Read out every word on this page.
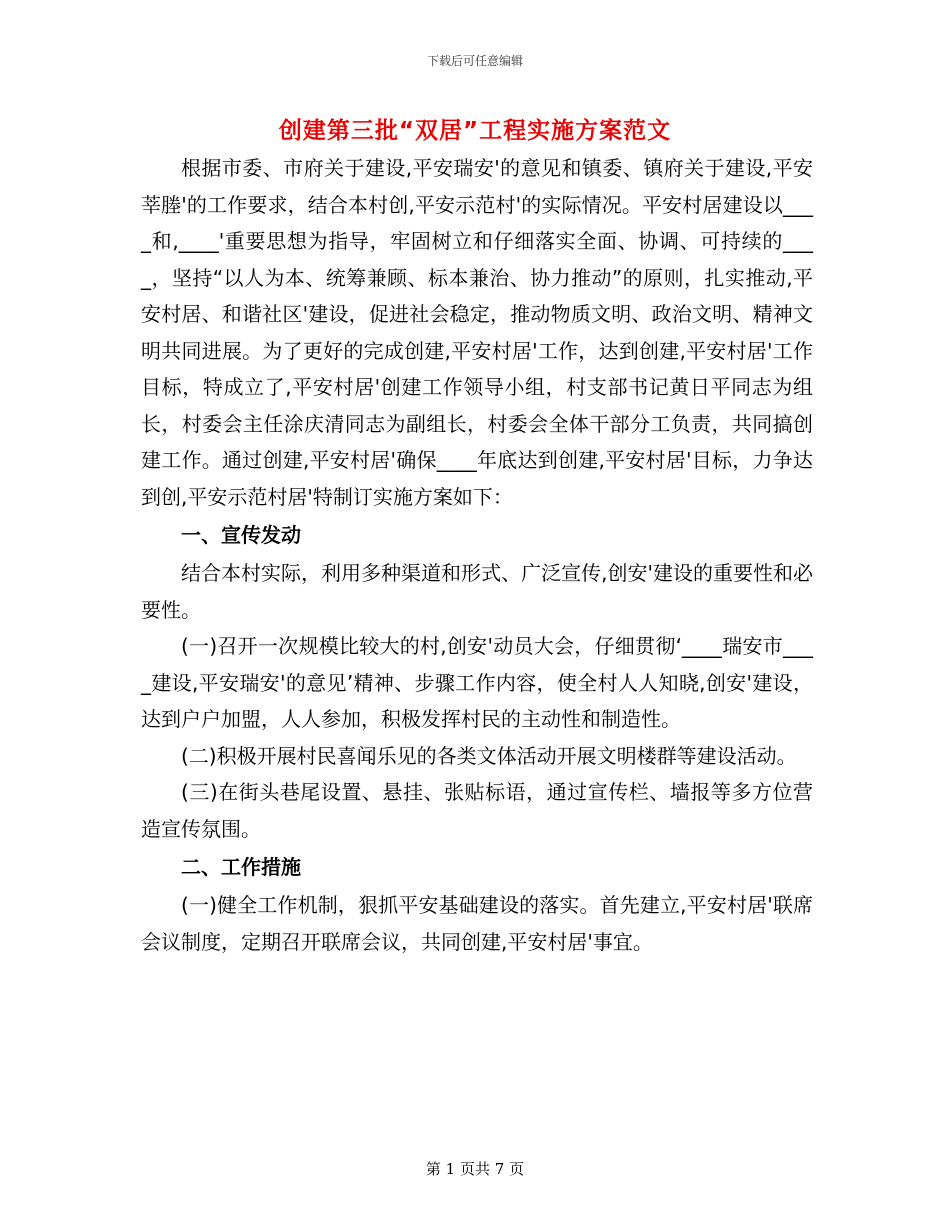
下载后可任意编辑
创建第三批“双居”工程实施方案范文

根据市委、市府关于建设,平安瑞安'的意见和镇委、镇府关于建设,平安莘塍'的工作要求，结合本村创,平安示范村'的实际情况。平安村居建设以____和,____'重要思想为指导，牢固树立和仔细落实全面、协调、可持续的____，坚持“以人为本、统筹兼顾、标本兼治、协力推动”的原则，扎实推动,平安村居、和谐社区'建设，促进社会稳定，推动物质文明、政治文明、精神文明共同进展。为了更好的完成创建,平安村居'工作，达到创建,平安村居'工作目标，特成立了,平安村居'创建工作领导小组，村支部书记黄日平同志为组长，村委会主任涂庆清同志为副组长，村委会全体干部分工负责，共同搞创建工作。通过创建,平安村居'确保____年底达到创建,平安村居'目标，力争达到创,平安示范村居'特制订实施方案如下：

一、宣传发动

结合本村实际，利用多种渠道和形式、广泛宣传,创安'建设的重要性和必要性。

(一)召开一次规模比较大的村,创安'动员大会，仔细贯彻‘____瑞安市____建设,平安瑞安'的意见’精神、步骤工作内容，使全村人人知晓,创安'建设，达到户户加盟，人人参加，积极发挥村民的主动性和制造性。

(二)积极开展村民喜闻乐见的各类文体活动开展文明楼群等建设活动。

(三)在街头巷尾设置、悬挂、张贴标语，通过宣传栏、墙报等多方位营造宣传氛围。

二、工作措施

(一)健全工作机制，狠抓平安基础建设的落实。首先建立,平安村居'联席会议制度，定期召开联席会议，共同创建,平安村居'事宜。

第 1 页共 7 页
